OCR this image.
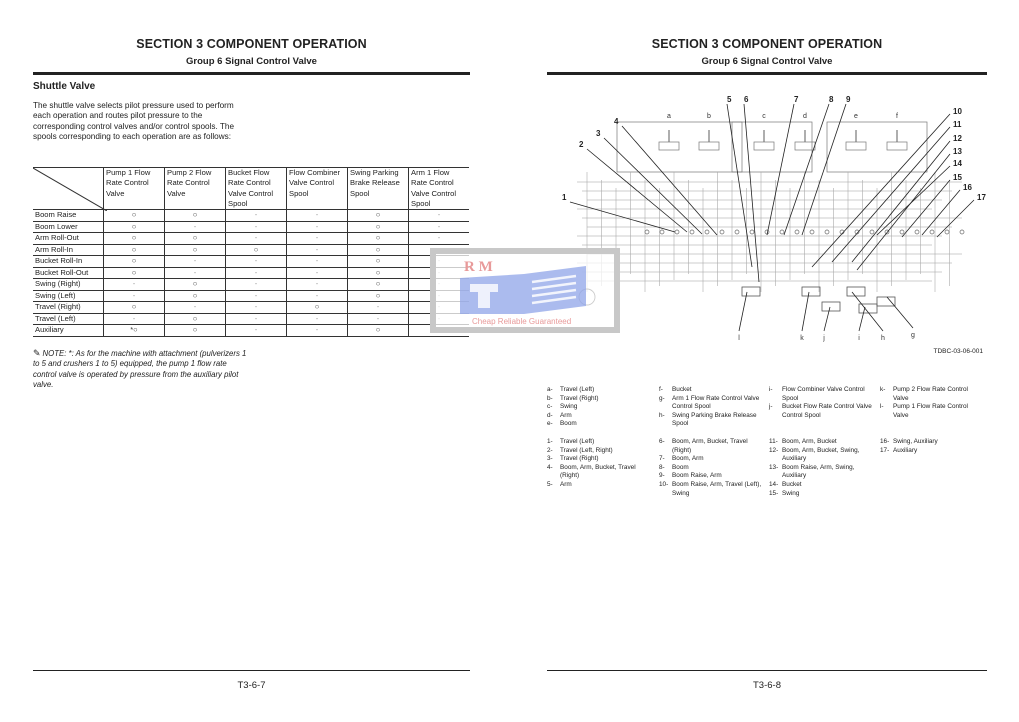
SECTION 3 COMPONENT OPERATION
Group 6 Signal Control Valve
Shuttle Valve
The shuttle valve selects pilot pressure used to perform each operation and routes pilot pressure to the corresponding control valves and/or control spools. The spools corresponding to each operation are as follows:
	Pump 1 Flow Rate Control Valve	Pump 2 Flow Rate Control Valve	Bucket Flow Rate Control Valve Control Spool	Flow Combiner Valve Control Spool	Swing Parking Brake Release Spool	Arm 1 Flow Rate Control Valve Control Spool
Boom Raise	○	○	-	-	○	-
Boom Lower	○	-	-	-	○	-
Arm Roll-Out	○	○	-	-	○	-
Arm Roll-In	○	○	○	-	○	
Bucket Roll-In	○	-	-	-	○	
Bucket Roll-Out	○	-	-	-	○	
Swing (Right)	-	○	-	-	○	
Swing (Left)	-	○	-	-	○	
Travel (Right)	○	-	-	○	-	
Travel (Left)	-	○	-	-	-	
Auxiliary	*○	○	-	-	○	
✎ NOTE: *: As for the machine with attachment (pulverizers 1 to 5 and crushers 1 to 5) equipped, the pump 1 flow rate control valve is operated by pressure from the auxiliary pilot valve.
T3-6-7
SECTION 3 COMPONENT OPERATION
Group 6 Signal Control Valve
a	b	c	d	e	f
1
2
3
4
5 6	7	8 9
10
11
12
13
14
15
16
17
l	k	j	i	h	g
TDBC-03-06-001
a-	Travel (Left)
b-	Travel (Right)
c-	Swing
d-	Arm
e-	Boom
f-	Bucket
g-	Arm 1 Flow Rate Control Valve Control Spool
h-	Swing Parking Brake Release Spool
i-	Flow Combiner Valve Control Spool
j-	Bucket Flow Rate Control Valve Control Spool
k-	Pump 2 Flow Rate Control Valve
l-	Pump 1 Flow Rate Control Valve
1-	Travel (Left)
2-	Travel (Left, Right)
3-	Travel (Right)
4-	Boom, Arm, Bucket, Travel (Right)
5-	Arm
6-	Boom, Arm, Bucket, Travel (Right)
7-	Boom, Arm
8-	Boom
9-	Boom Raise, Arm
10- Boom Raise, Arm, Travel (Left), Swing
11- Boom, Arm, Bucket
12- Boom, Arm, Bucket, Swing, Auxiliary
13- Boom Raise, Arm, Swing, Auxiliary
14- Bucket
15- Swing
16- Swing, Auxiliary
17- Auxiliary
T3-6-8
R M
Cheap Reliable Guaranteed
